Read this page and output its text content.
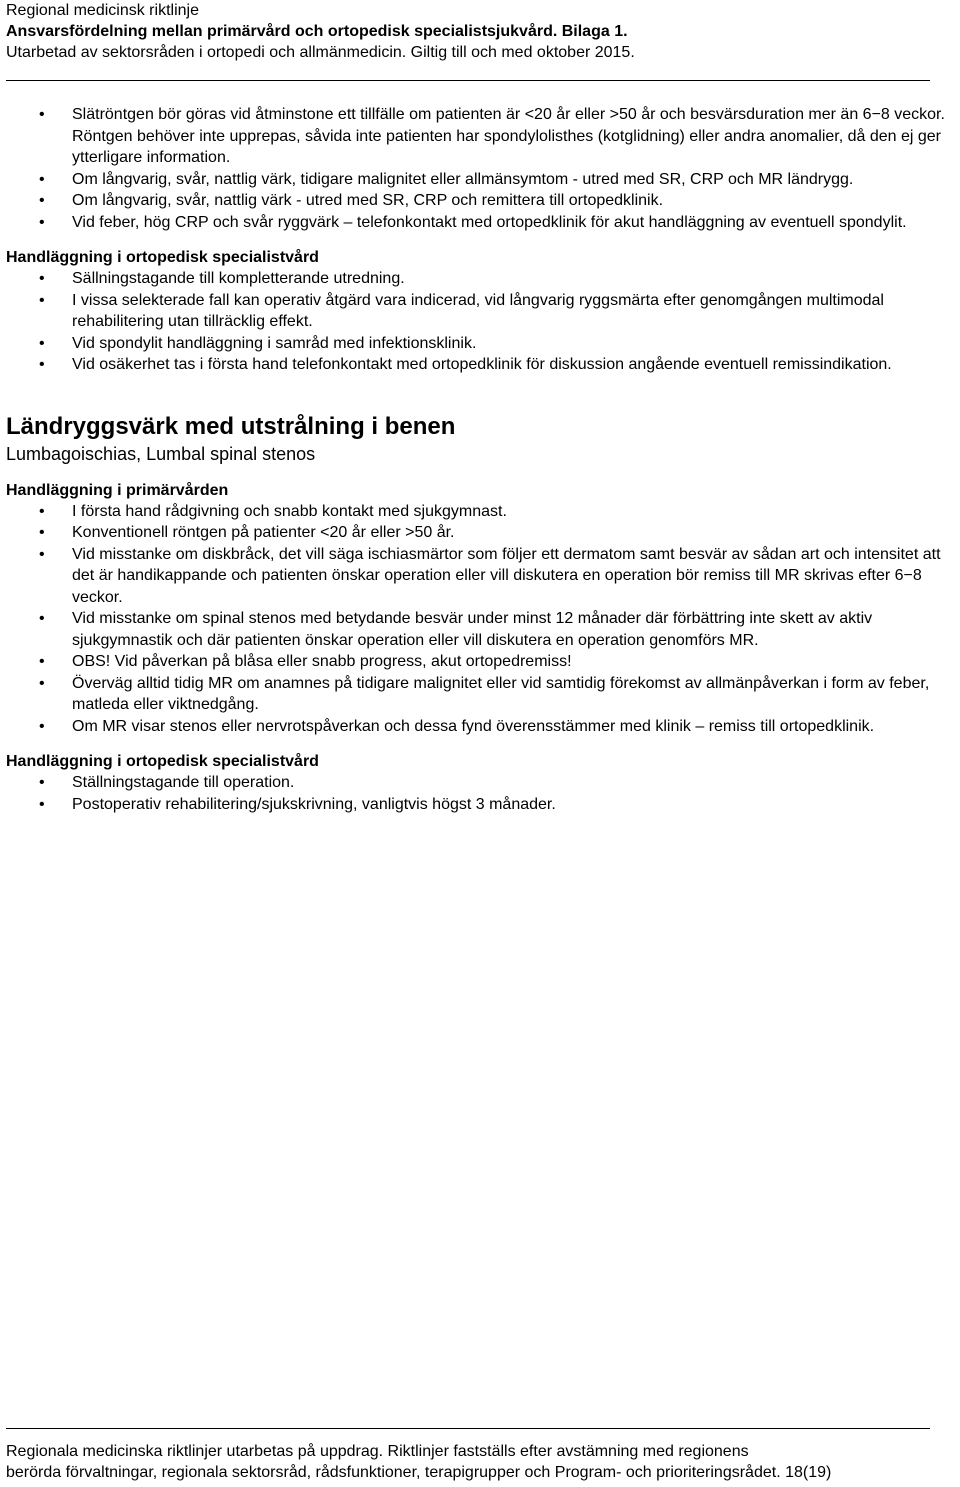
Regional medicinsk riktlinje
Ansvarsfördelning mellan primärvård och ortopedisk specialistsjukvård. Bilaga 1.
Utarbetad av sektorsråden i ortopedi och allmänmedicin. Giltig till och med oktober 2015.
• Slätröntgen bör göras vid åtminstone ett tillfälle om patienten är <20 år eller >50 år och besvärsduration mer än 6−8 veckor. Röntgen behöver inte upprepas, såvida inte patienten har spondylolisthes (kotglidning) eller andra anomalier, då den ej ger ytterligare information.
• Om långvarig, svår, nattlig värk, tidigare malignitet eller allmänsymtom - utred med SR, CRP och MR ländrygg.
• Om långvarig, svår, nattlig värk - utred med SR, CRP och remittera till ortopedklinik.
• Vid feber, hög CRP och svår ryggvärk – telefonkontakt med ortopedklinik för akut handläggning av eventuell spondylit.
Handläggning i ortopedisk specialistvård
• Sällningstagande till kompletterande utredning.
• I vissa selekterade fall kan operativ åtgärd vara indicerad, vid långvarig ryggsmärta efter genomgången multimodal rehabilitering utan tillräcklig effekt.
• Vid spondylit handläggning i samråd med infektionsklinik.
• Vid osäkerhet tas i första hand telefonkontakt med ortopedklinik för diskussion angående eventuell remissindikation.
Ländryggsvärk med utstrålning i benen
Lumbagoischias, Lumbal spinal stenos
Handläggning i primärvården
• I första hand rådgivning och snabb kontakt med sjukgymnast.
• Konventionell röntgen på patienter <20 år eller >50 år.
• Vid misstanke om diskbråck, det vill säga ischiasmärtor som följer ett dermatom samt besvär av sådan art och intensitet att det är handikappande och patienten önskar operation eller vill diskutera en operation bör remiss till MR skrivas efter 6−8 veckor.
• Vid misstanke om spinal stenos med betydande besvär under minst 12 månader där förbättring inte skett av aktiv sjukgymnastik och där patienten önskar operation eller vill diskutera en operation genomförs MR.
• OBS! Vid påverkan på blåsa eller snabb progress, akut ortopedremiss!
• Överväg alltid tidig MR om anamnes på tidigare malignitet eller vid samtidig förekomst av allmänpåverkan i form av feber, matleda eller viktnedgång.
• Om MR visar stenos eller nervrotspåverkan och dessa fynd överensstämmer med klinik – remiss till ortopedklinik.
Handläggning i ortopedisk specialistvård
• Ställningstagande till operation.
• Postoperativ rehabilitering/sjukskrivning, vanligtvis högst 3 månader.
Regionala medicinska riktlinjer utarbetas på uppdrag. Riktlinjer fastställs efter avstämning med regionens
berörda förvaltningar, regionala sektorsråd, rådsfunktioner, terapigrupper och Program- och prioriteringsrådet. 18(19)
